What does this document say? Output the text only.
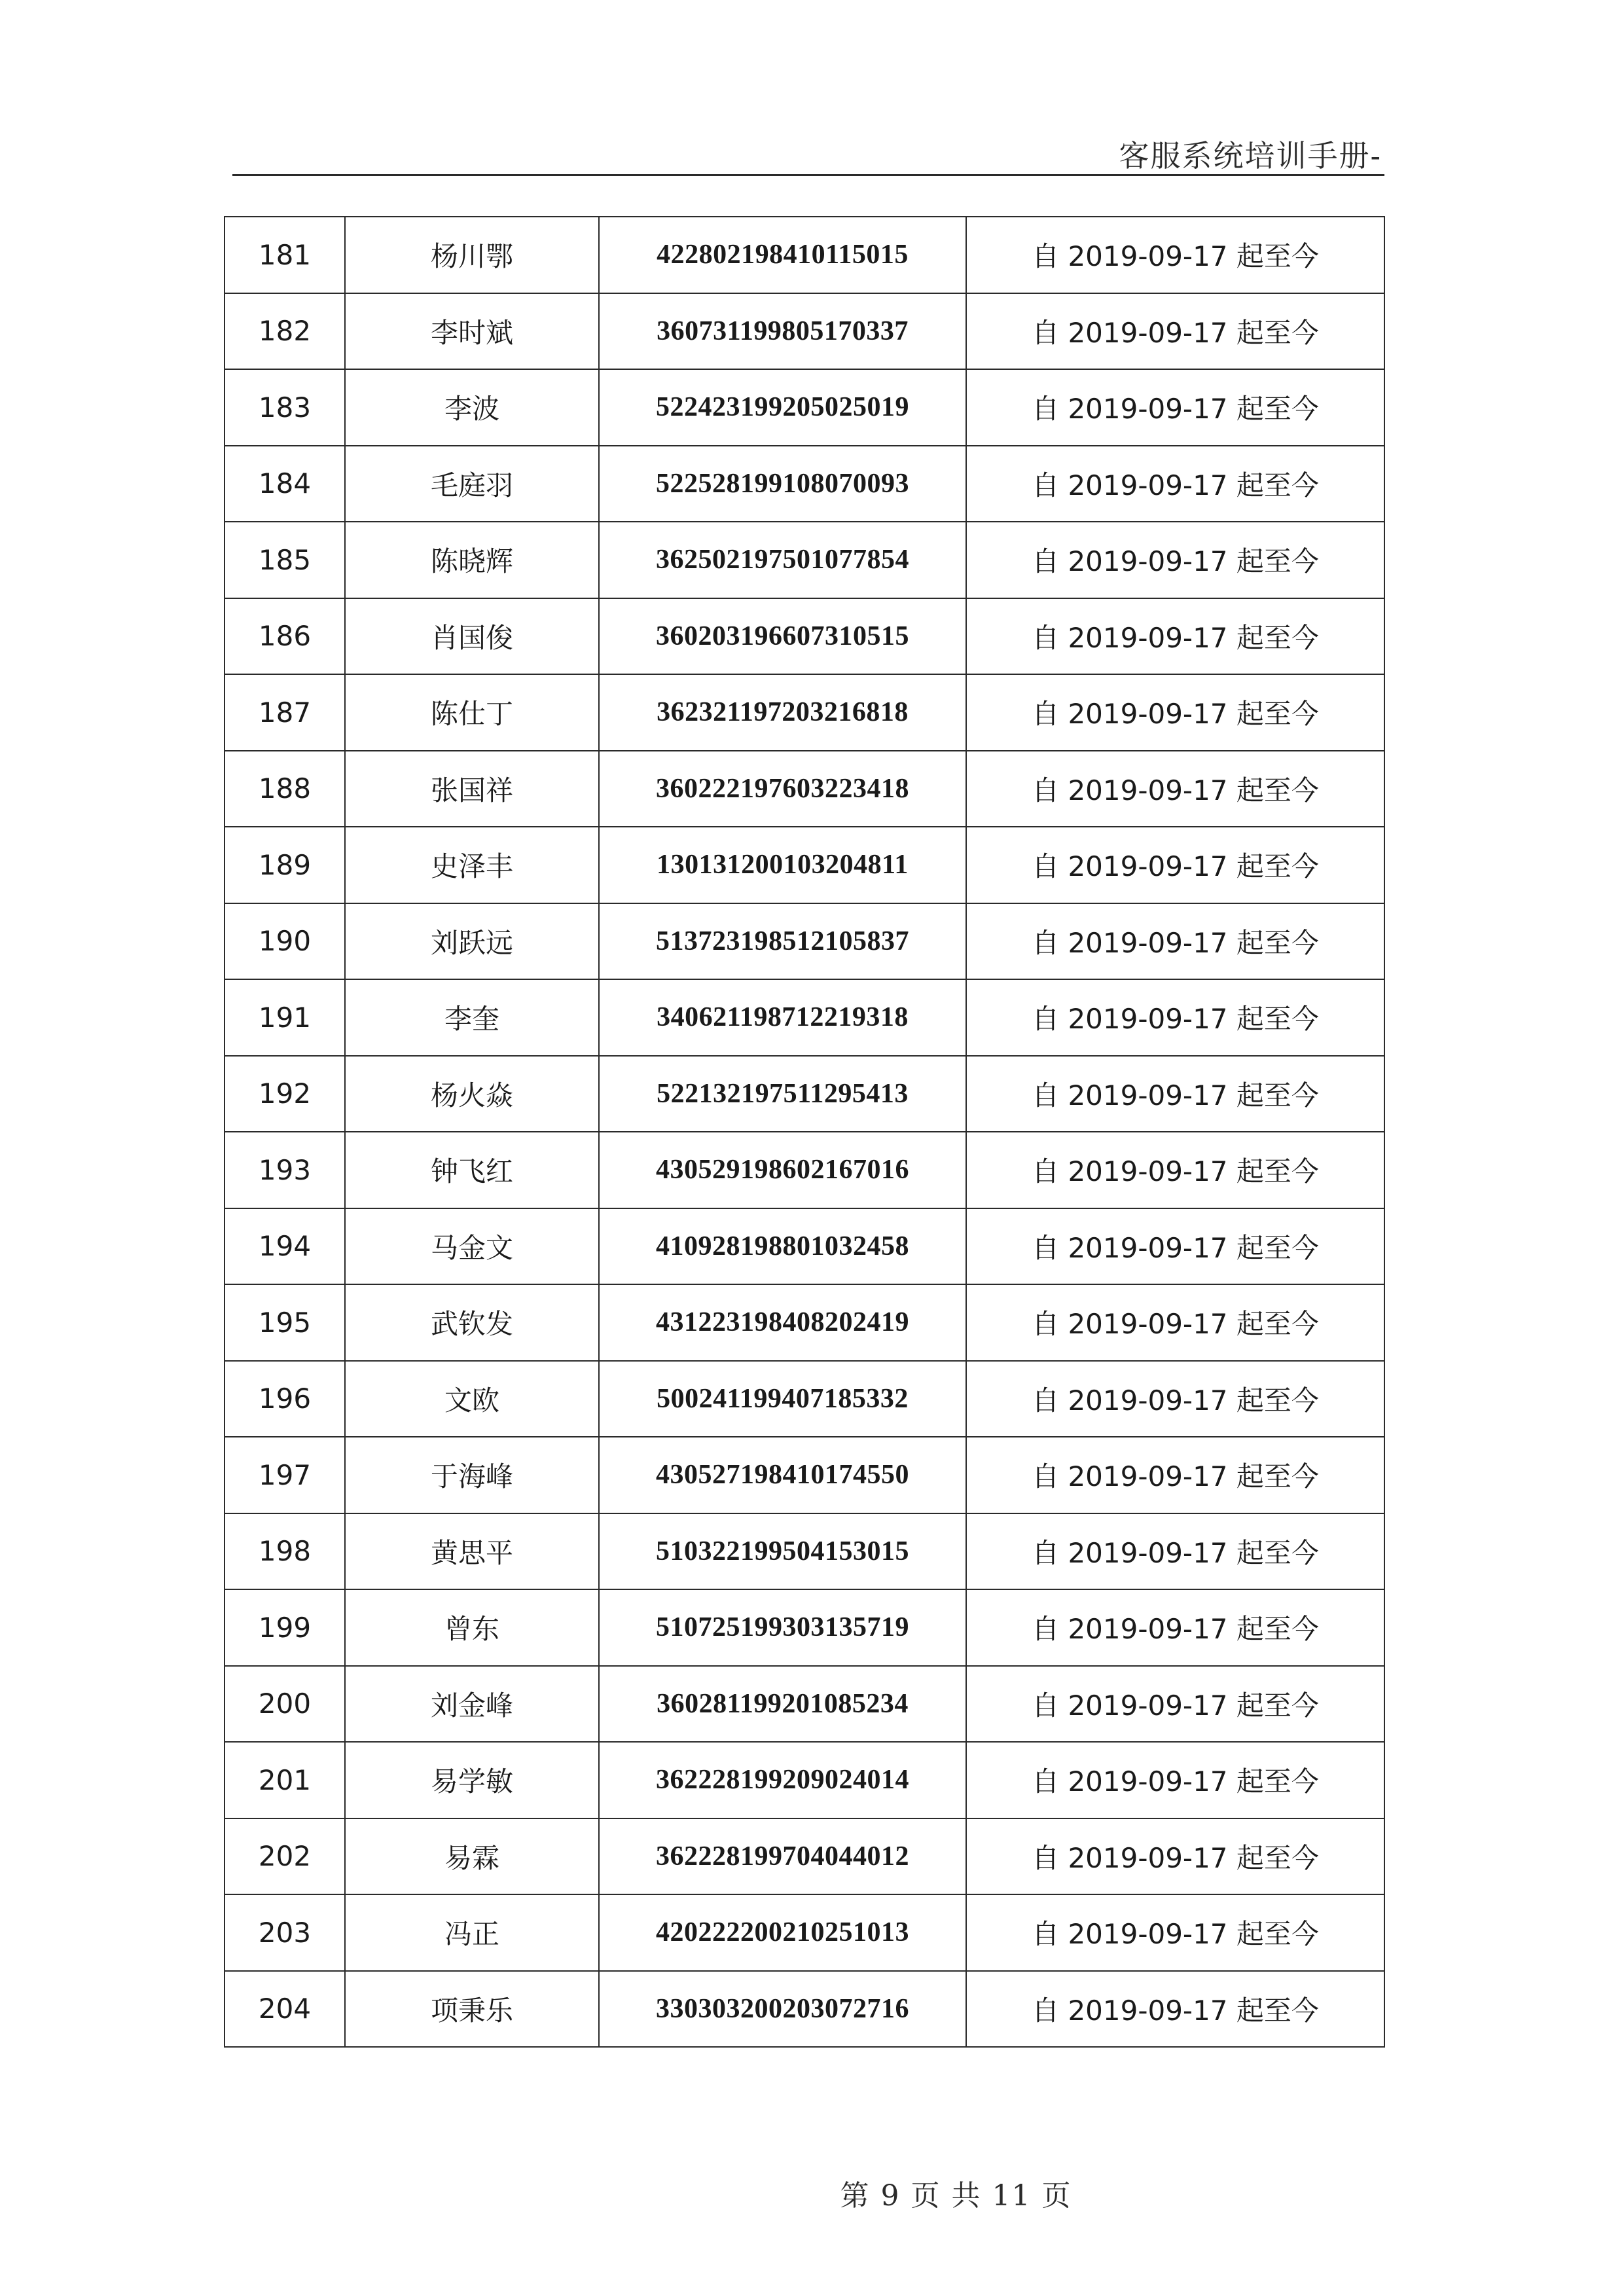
客服系统培训手册-
181	杨川鄂	422802198410115015	自 2019-09-17 起至今
182	李时斌	360731199805170337	自 2019-09-17 起至今
183	李波	522423199205025019	自 2019-09-17 起至今
184	毛庭羽	522528199108070093	自 2019-09-17 起至今
185	陈晓辉	362502197501077854	自 2019-09-17 起至今
186	肖国俊	360203196607310515	自 2019-09-17 起至今
187	陈仕丁	362321197203216818	自 2019-09-17 起至今
188	张国祥	360222197603223418	自 2019-09-17 起至今
189	史泽丰	130131200103204811	自 2019-09-17 起至今
190	刘跃远	513723198512105837	自 2019-09-17 起至今
191	李奎	340621198712219318	自 2019-09-17 起至今
192	杨火焱	522132197511295413	自 2019-09-17 起至今
193	钟飞红	430529198602167016	自 2019-09-17 起至今
194	马金文	410928198801032458	自 2019-09-17 起至今
195	武钦发	431223198408202419	自 2019-09-17 起至今
196	文欧	500241199407185332	自 2019-09-17 起至今
197	于海峰	430527198410174550	自 2019-09-17 起至今
198	黄思平	510322199504153015	自 2019-09-17 起至今
199	曾东	510725199303135719	自 2019-09-17 起至今
200	刘金峰	360281199201085234	自 2019-09-17 起至今
201	易学敏	362228199209024014	自 2019-09-17 起至今
202	易霖	362228199704044012	自 2019-09-17 起至今
203	冯正	420222200210251013	自 2019-09-17 起至今
204	项秉乐	330303200203072716	自 2019-09-17 起至今
第 9 页 共 11 页
